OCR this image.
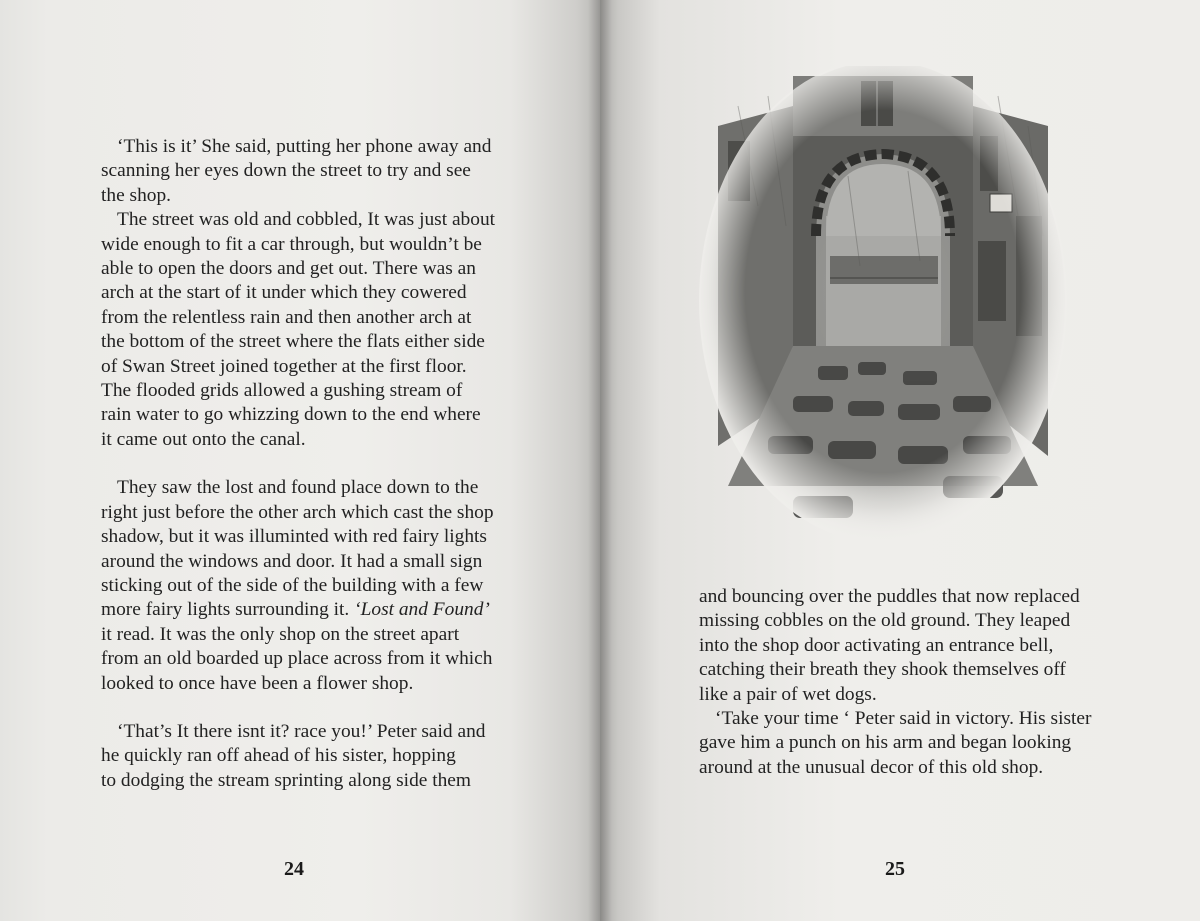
‘This is it’ She said, putting her phone away and

scanning her eyes down the street to try and see

the shop.

The street was old and cobbled, It was just about

wide enough to fit a car through, but wouldn’t be

able to open the doors and get out. There was an

arch at the start of it under which they cowered

from the relentless rain and then another arch at

the bottom of the street where the flats either side

of Swan Street joined together at the first floor.

The flooded grids allowed a gushing stream of

rain water to go whizzing down to the end where

it came out onto the canal.

They saw the lost and found place down to the

right just before the other arch which cast the shop

shadow, but it was illuminted with red fairy lights

around the windows and door. It had a small sign

sticking out of the side of the building with a few

more fairy lights surrounding it. ‘Lost and Found’

it read. It was the only shop on the street apart

from an old boarded up place across from it which

looked to once have been a flower shop.

‘That’s It there isnt it? race you!’ Peter said and

he quickly ran off ahead of his sister, hopping

to dodging the stream sprinting along side them

24	25

and bouncing over the puddles that now replaced

missing cobbles on the old ground. They leaped

into the shop door activating an entrance bell,

catching their breath they shook themselves off

like a pair of wet dogs.

‘Take your time ‘ Peter said in victory. His sister

gave him a punch on his arm and began looking

around at the unusual decor of this old shop.
